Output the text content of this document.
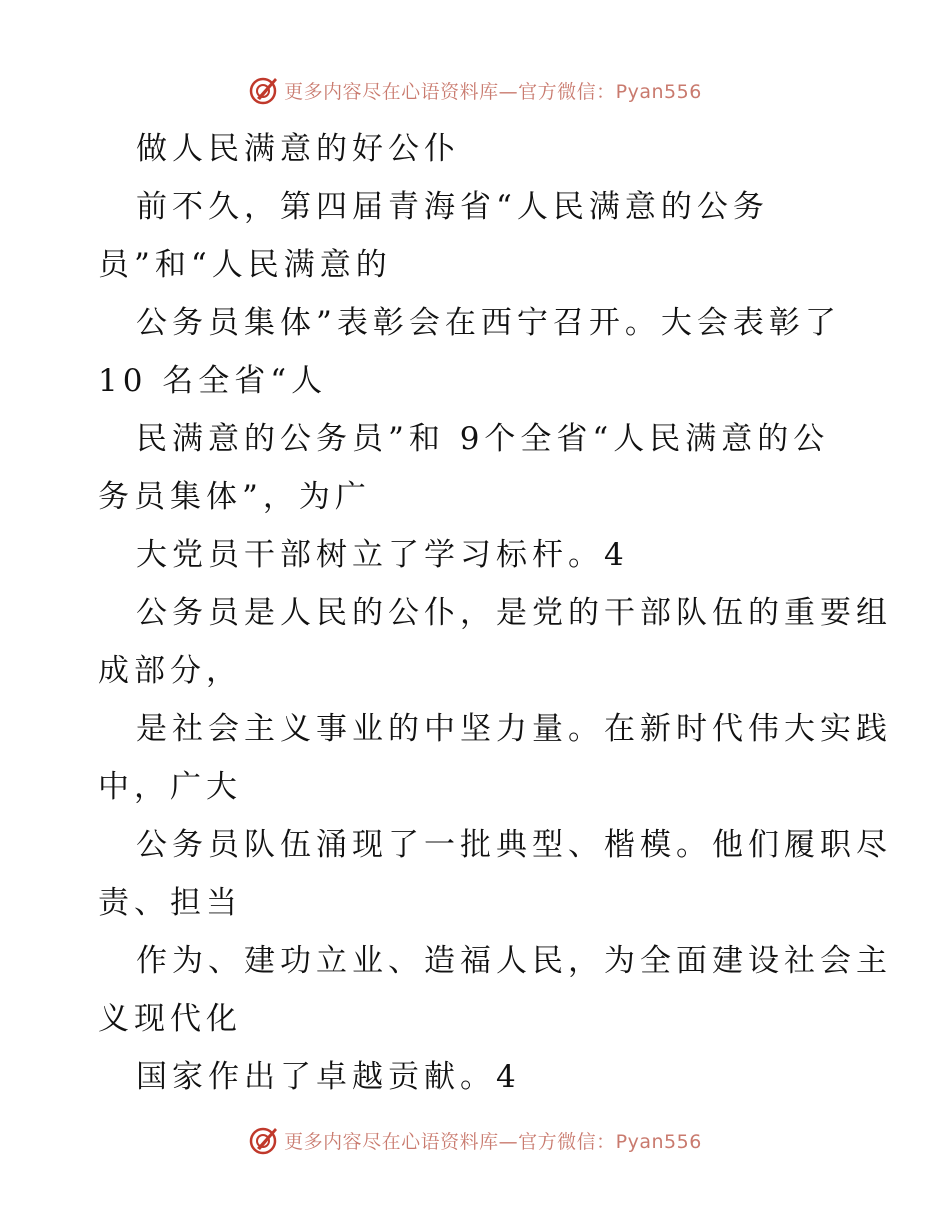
更多内容尽在心语资料库—官方微信：Pyan556
做人民满意的好公仆
前不久，第四届青海省“人民满意的公务
员”和“人民满意的
公务员集体”表彰会在西宁召开。大会表彰了
10 名全省“人
民满意的公务员”和 9个全省“人民满意的公
务员集体”，为广
大党员干部树立了学习标杆。4
公务员是人民的公仆，是党的干部队伍的重要组
成部分，
是社会主义事业的中坚力量。在新时代伟大实践
中，广大
公务员队伍涌现了一批典型、楷模。他们履职尽
责、担当
作为、建功立业、造福人民，为全面建设社会主
义现代化
国家作出了卓越贡献。4
更多内容尽在心语资料库—官方微信：Pyan556
